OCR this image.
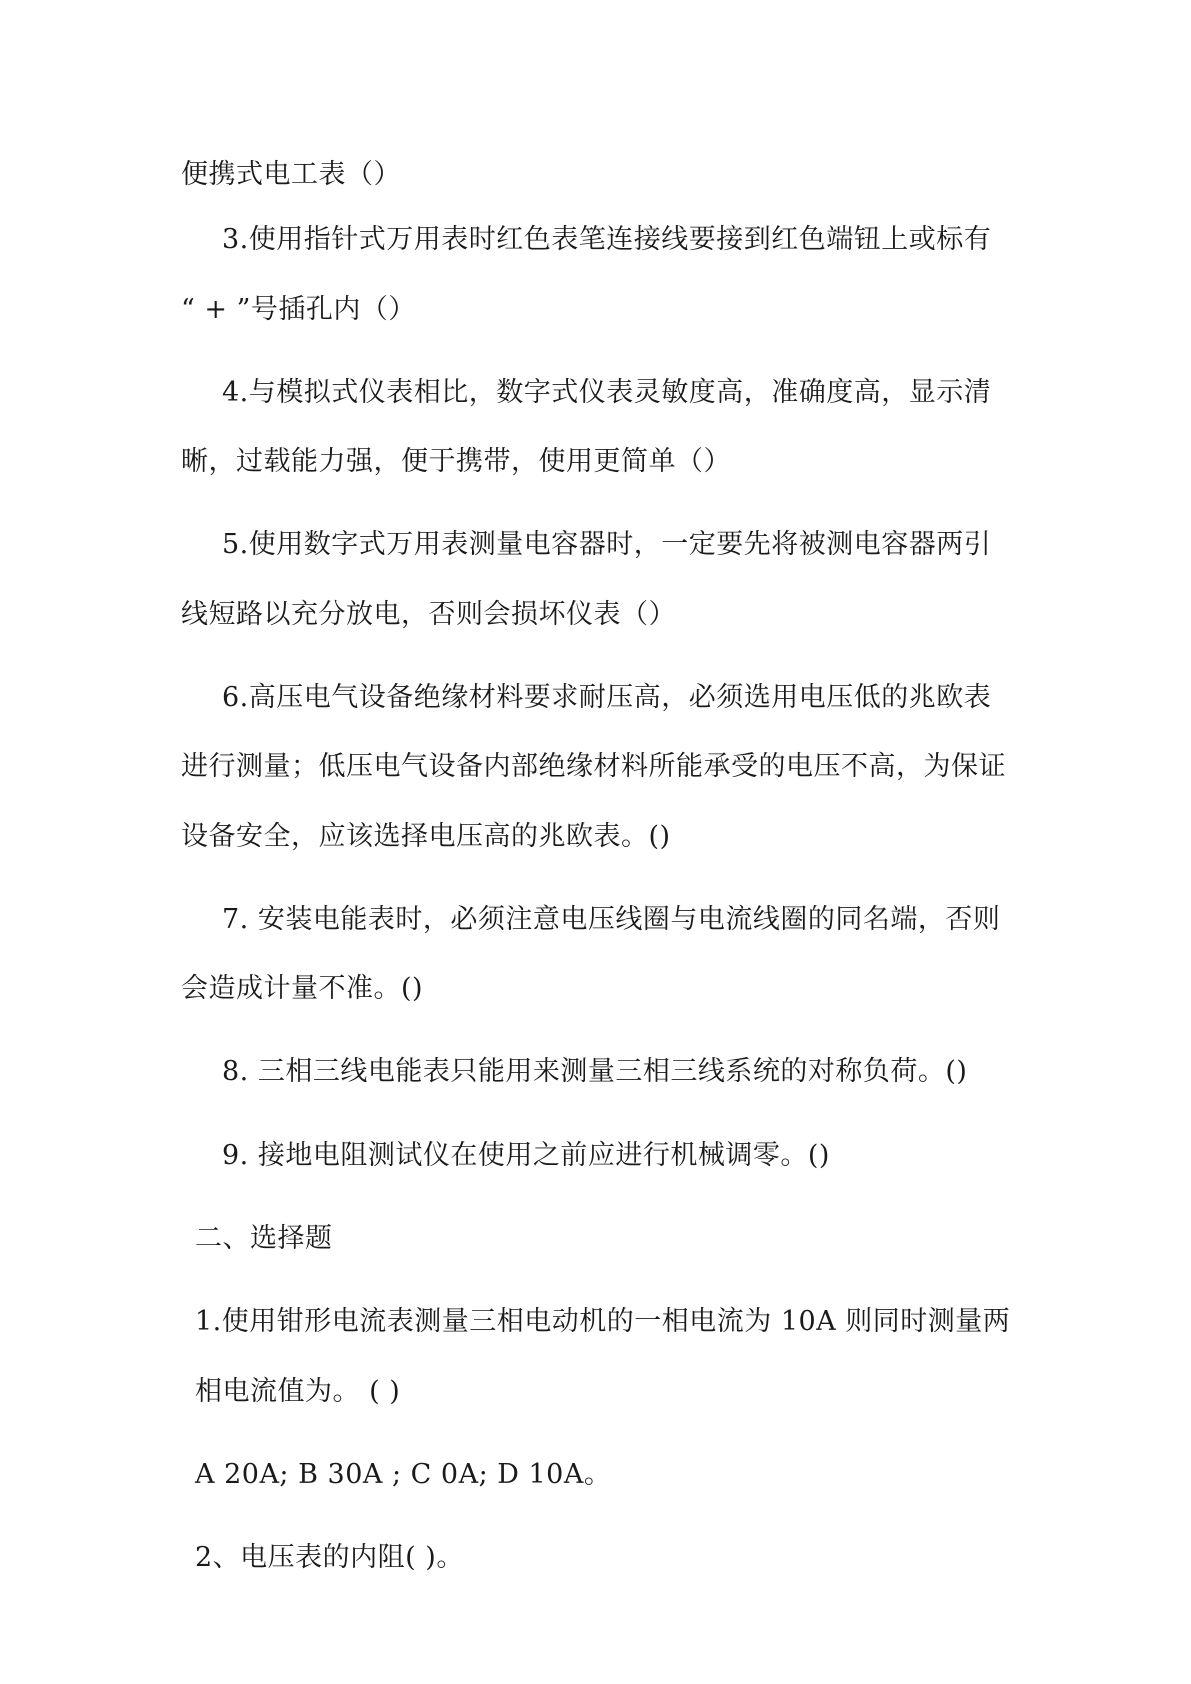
便携式电工表（）
3.使用指针式万用表时红色表笔连接线要接到红色端钮上或标有
“ + ”号插孔内（）
4.与模拟式仪表相比，数字式仪表灵敏度高，准确度高，显示清
晰，过载能力强，便于携带，使用更简单（）
5.使用数字式万用表测量电容器时，一定要先将被测电容器两引
线短路以充分放电，否则会损坏仪表（）
6.高压电气设备绝缘材料要求耐压高，必须选用电压低的兆欧表
进行测量；低压电气设备内部绝缘材料所能承受的电压不高，为保证
设备安全，应该选择电压高的兆欧表。()
7. 安装电能表时，必须注意电压线圈与电流线圈的同名端，否则
会造成计量不准。()
8. 三相三线电能表只能用来测量三相三线系统的对称负荷。()
9. 接地电阻测试仪在使用之前应进行机械调零。()
二、选择题
1.使用钳形电流表测量三相电动机的一相电流为 10A 则同时测量两
相电流值为。 ( )
A 20A; B 30A ; C 0A; D 10A。
2、电压表的内阻( )。
